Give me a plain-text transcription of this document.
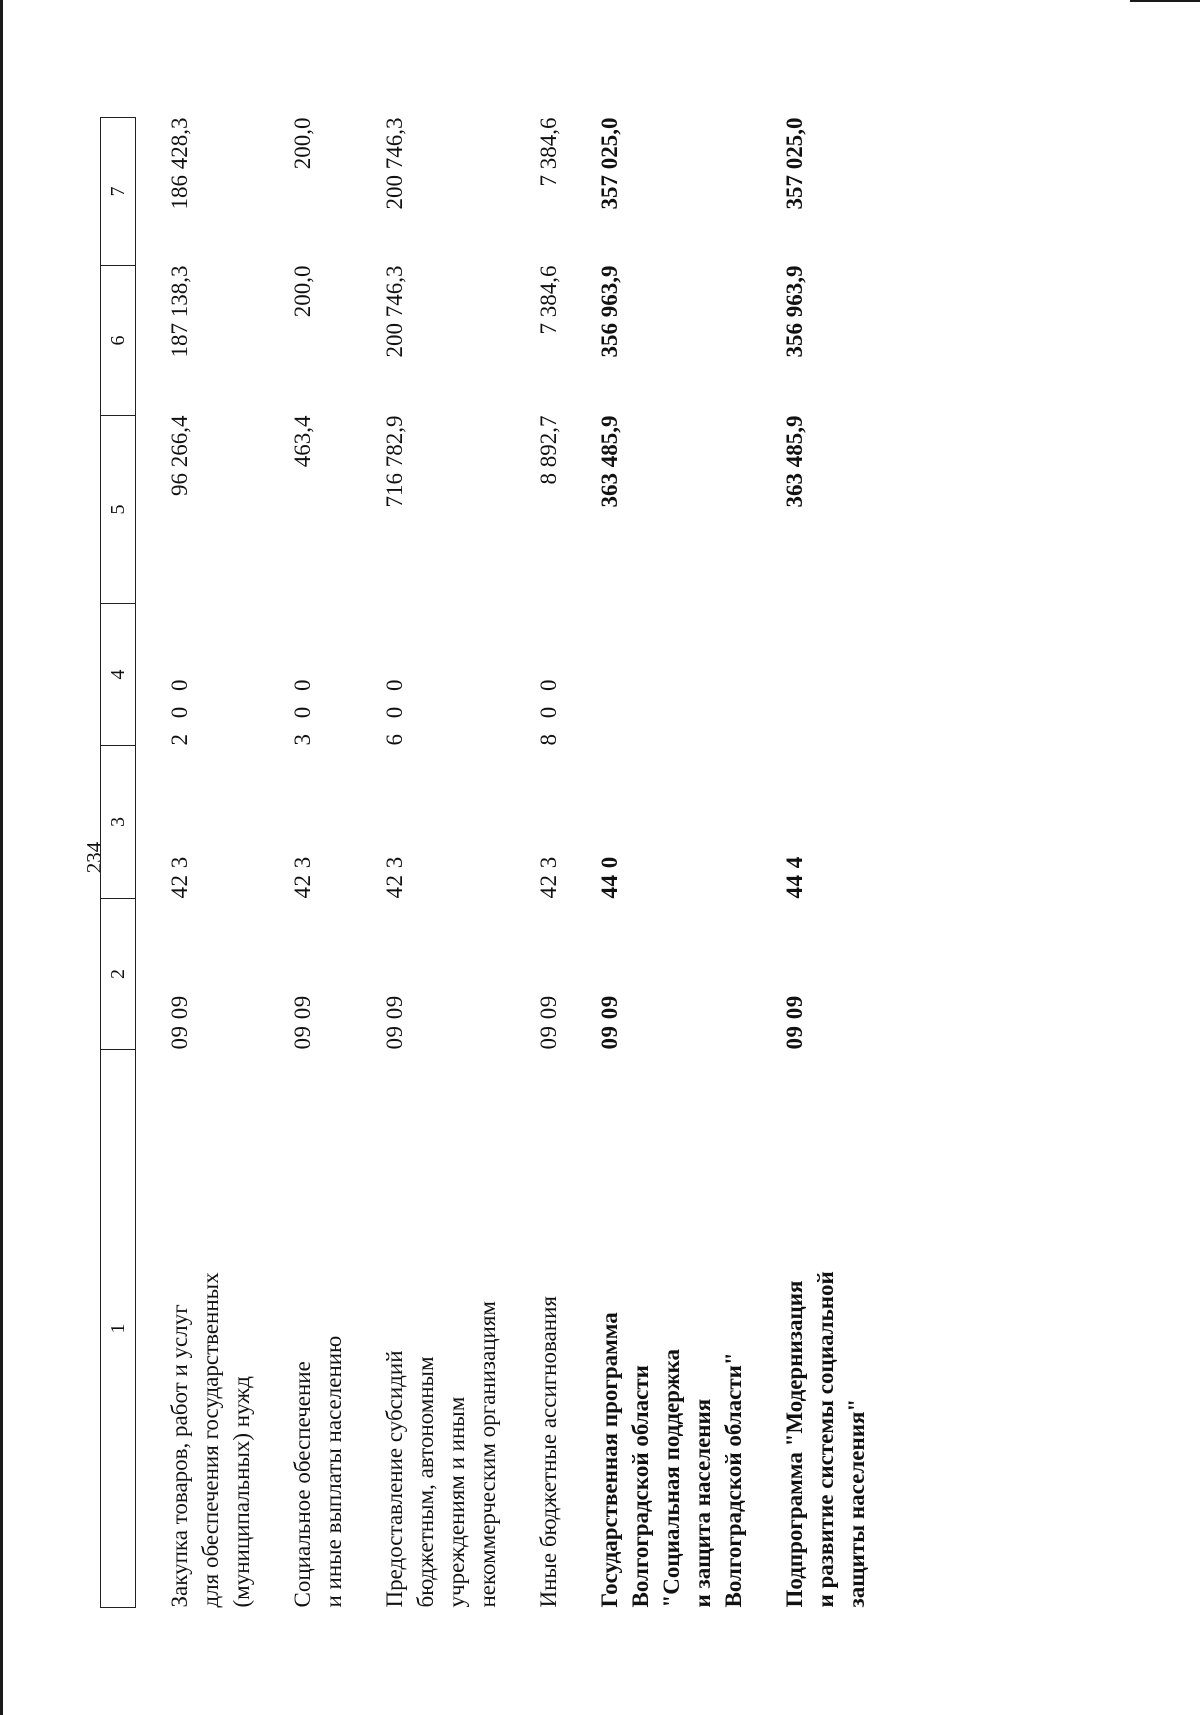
234
1	2	3	4	5	6	7

Закупка товаров, работ и услуг для обеспечения государственных (муниципальных) нужд	09 09	42 3	2 0 0	96 266,4	187 138,3	186 428,3

Социальное обеспечение и иные выплаты населению	09 09	42 3	3 0 0	463,4	200,0	200,0

Предоставление субсидий бюджетным, автономным учреждениям и иным некоммерческим организациям	09 09	42 3	6 0 0	716 782,9	200 746,3	200 746,3

Иные бюджетные ассигнования	09 09	42 3	8 0 0	8 892,7	7 384,6	7 384,6

Государственная программа Волгоградской области "Социальная поддержка и защита населения Волгоградской области"	09 09	44 0		363 485,9	356 963,9	357 025,0

Подпрограмма "Модернизация и развитие системы социальной защиты населения"	09 09	44 4		363 485,9	356 963,9	357 025,0
